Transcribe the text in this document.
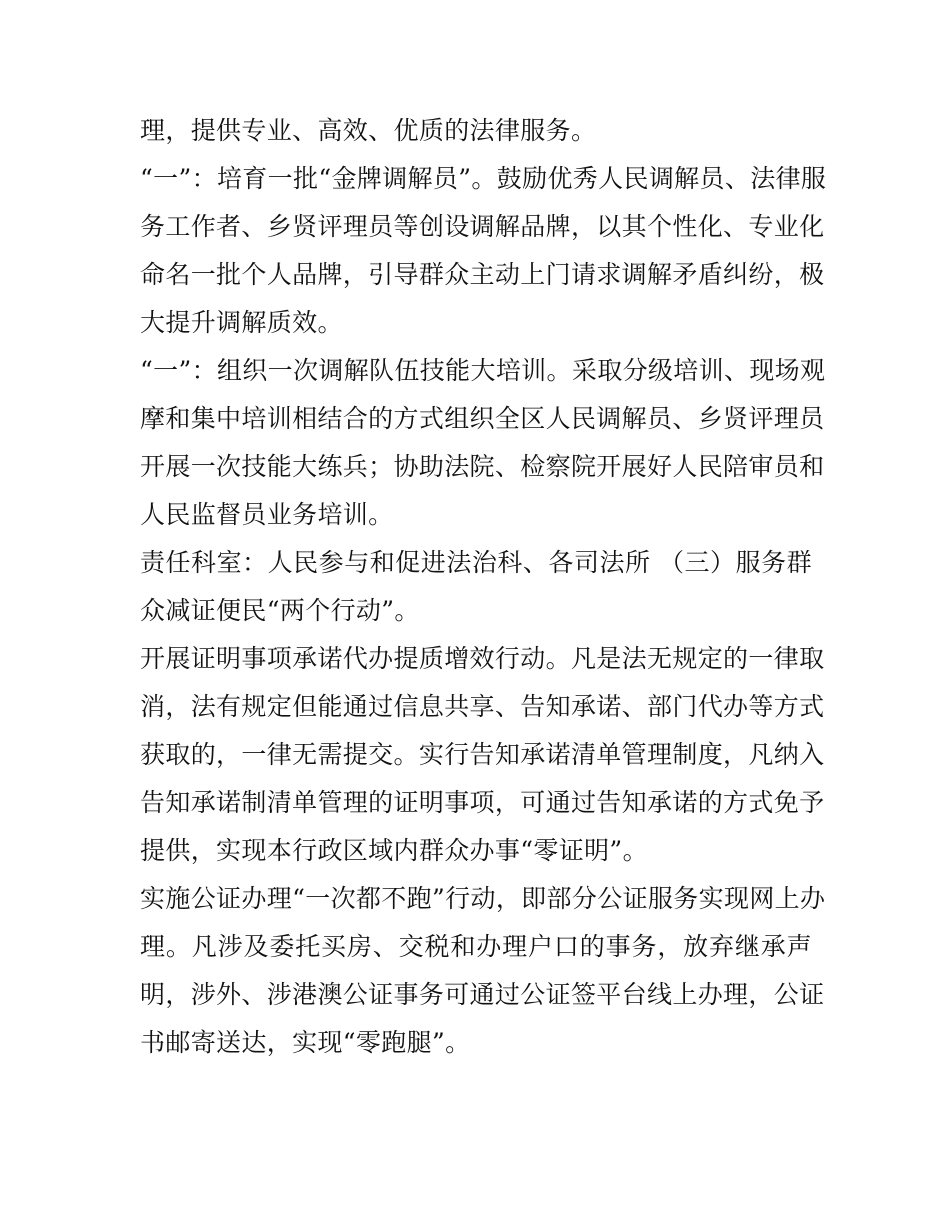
理，提供专业、高效、优质的法律服务。
“一”：培育一批“金牌调解员”。鼓励优秀人民调解员、法律服
务工作者、乡贤评理员等创设调解品牌，以其个性化、专业化
命名一批个人品牌，引导群众主动上门请求调解矛盾纠纷，极
大提升调解质效。
“一”：组织一次调解队伍技能大培训。采取分级培训、现场观
摩和集中培训相结合的方式组织全区人民调解员、乡贤评理员
开展一次技能大练兵；协助法院、检察院开展好人民陪审员和
人民监督员业务培训。
责任科室：人民参与和促进法治科、各司法所 （三）服务群
众减证便民“两个行动”。
开展证明事项承诺代办提质增效行动。凡是法无规定的一律取
消，法有规定但能通过信息共享、告知承诺、部门代办等方式
获取的，一律无需提交。实行告知承诺清单管理制度，凡纳入
告知承诺制清单管理的证明事项，可通过告知承诺的方式免予
提供，实现本行政区域内群众办事“零证明”。
实施公证办理“一次都不跑”行动，即部分公证服务实现网上办
理。凡涉及委托买房、交税和办理户口的事务，放弃继承声
明，涉外、涉港澳公证事务可通过公证签平台线上办理，公证
书邮寄送达，实现“零跑腿”。
